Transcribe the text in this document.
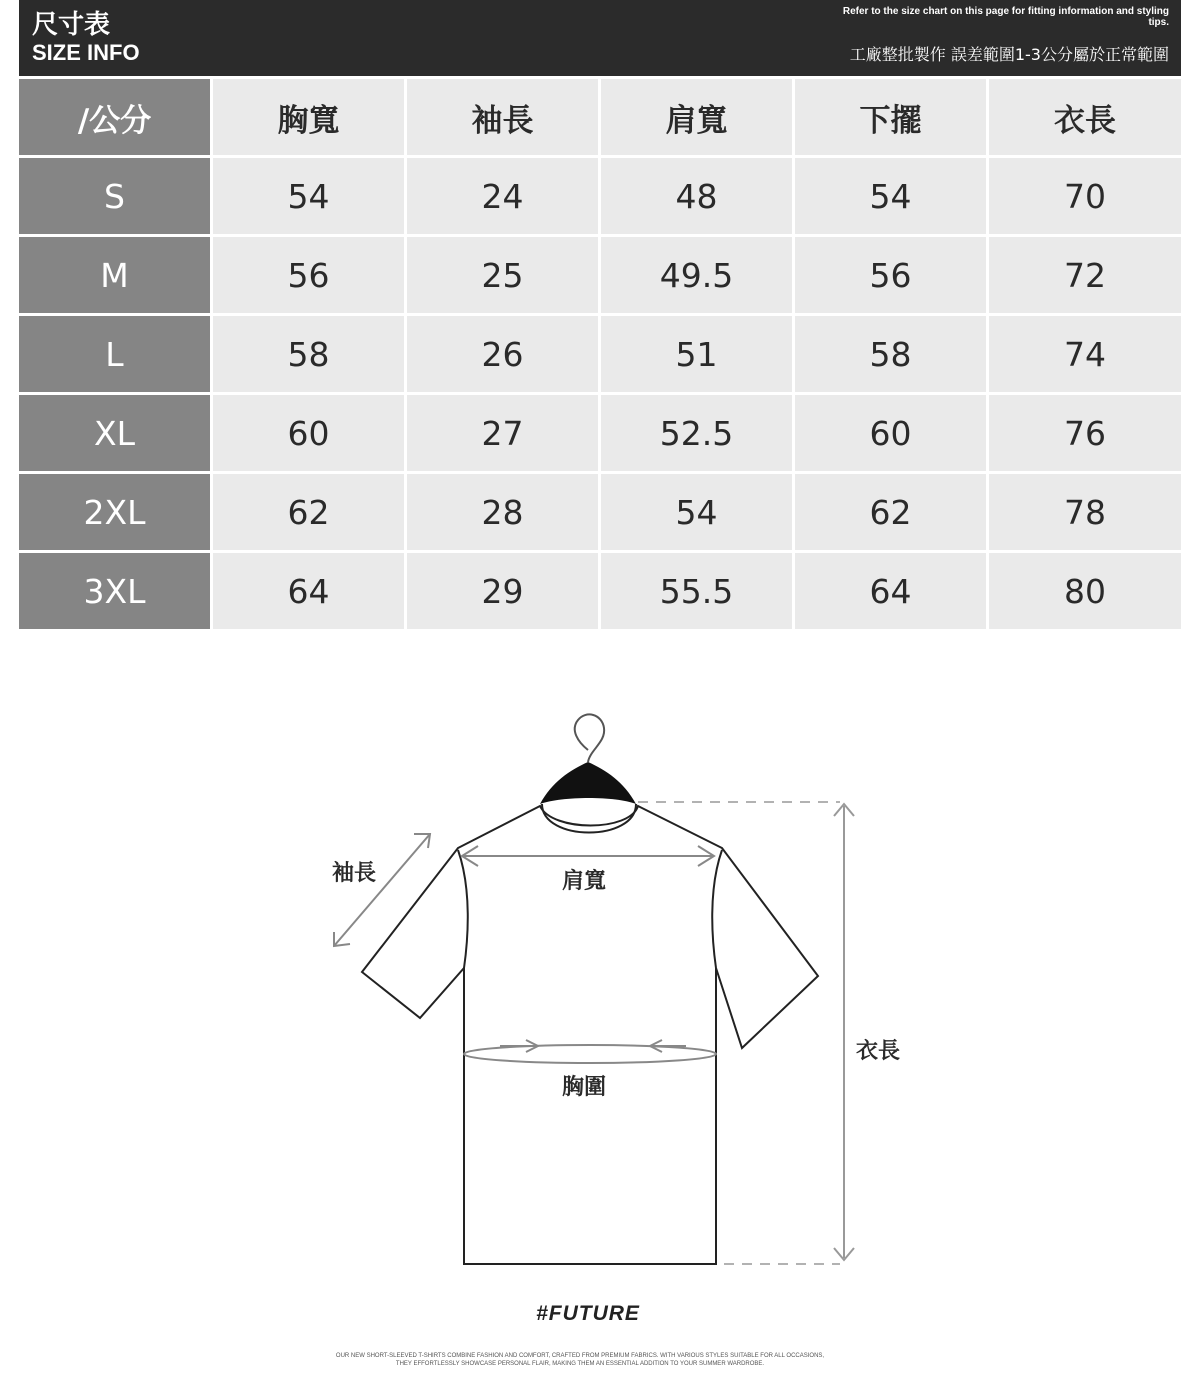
尺寸表
SIZE INFO
Refer to the size chart on this page for fitting information and styling tips.
工廠整批製作 誤差範圍1-3公分屬於正常範圍
/公分	胸寬	袖長	肩寬	下擺	衣長
S	54	24	48	54	70
M	56	25	49.5	56	72
L	58	26	51	58	74
XL	60	27	52.5	60	76
2XL	62	28	54	62	78
3XL	64	29	55.5	64	80
袖長	肩寬
胸圍
衣長
#FUTURE
OUR NEW SHORT-SLEEVED T-SHIRTS COMBINE FASHION AND COMFORT, CRAFTED FROM PREMIUM FABRICS. WITH VARIOUS STYLES SUITABLE FOR ALL OCCASIONS, THEY EFFORTLESSLY SHOWCASE PERSONAL FLAIR, MAKING THEM AN ESSENTIAL ADDITION TO YOUR SUMMER WARDROBE.
